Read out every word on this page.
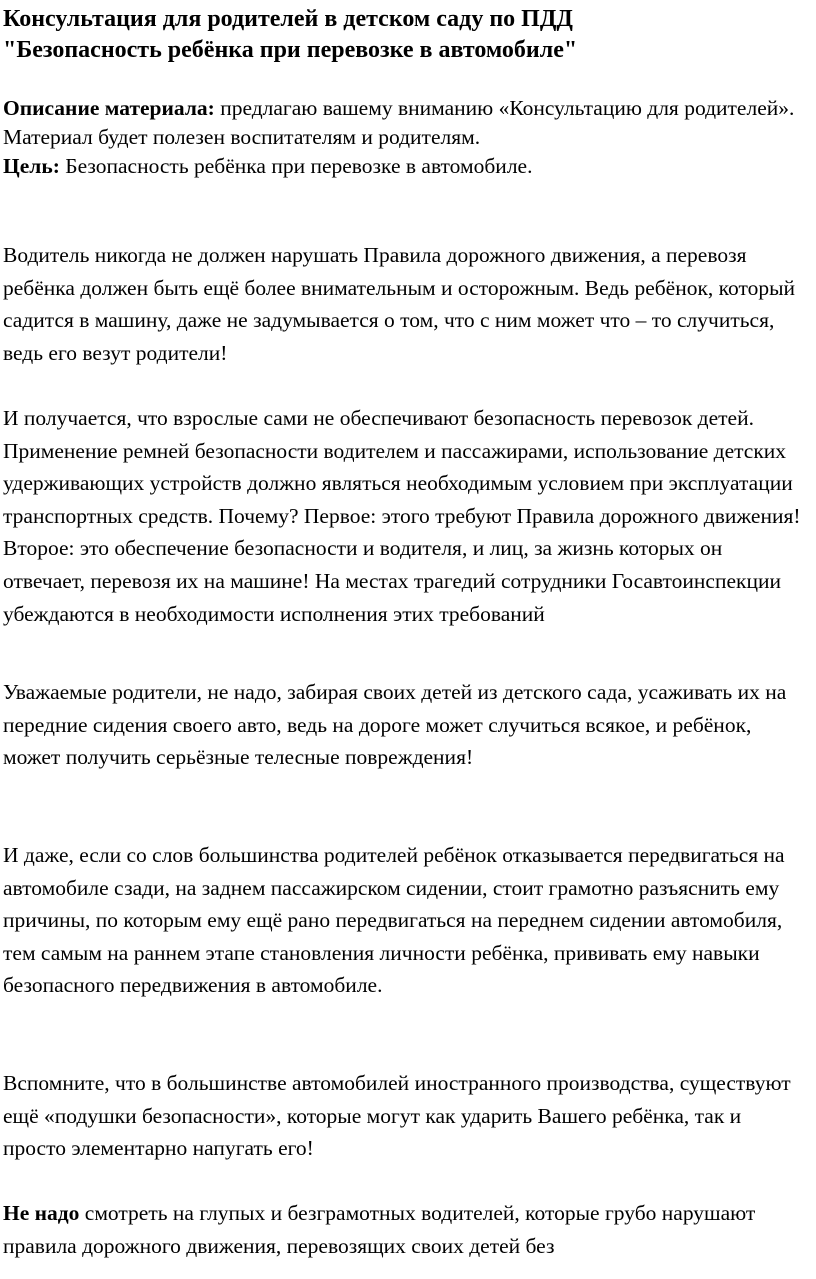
Консультация для родителей в детском саду по ПДД
"Безопасность ребёнка при перевозке в автомобиле"

Описание материала: предлагаю вашему вниманию «Консультацию для родителей». Материал будет полезен воспитателям и родителям.

Цель: Безопасность ребёнка при перевозке в автомобиле.

Водитель никогда не должен нарушать Правила дорожного движения, а перевозя ребёнка должен быть ещё более внимательным и осторожным. Ведь ребёнок, который садится в машину, даже не задумывается о том, что с ним может что – то случиться, ведь его везут родители!

И получается, что взрослые сами не обеспечивают безопасность перевозок детей. Применение ремней безопасности водителем и пассажирами, использование детских удерживающих устройств должно являться необходимым условием при эксплуатации транспортных средств. Почему? Первое: этого требуют Правила дорожного движения! Второе: это обеспечение безопасности и водителя, и лиц, за жизнь которых он отвечает, перевозя их на машине! На местах трагедий сотрудники Госавтоинспекции убеждаются в необходимости исполнения этих требований

Уважаемые родители, не надо, забирая своих детей из детского сада, усаживать их на передние сидения своего авто, ведь на дороге может случиться всякое, и ребёнок, может получить серьёзные телесные повреждения!

И даже, если со слов большинства родителей ребёнок отказывается передвигаться на автомобиле сзади, на заднем пассажирском сидении, стоит грамотно разъяснить ему причины, по которым ему ещё рано передвигаться на переднем сидении автомобиля, тем самым на раннем этапе становления личности ребёнка, прививать ему навыки безопасного передвижения в автомобиле.

Вспомните, что в большинстве автомобилей иностранного производства, существуют ещё «подушки безопасности», которые могут как ударить Вашего ребёнка, так и просто элементарно напугать его!

Не надо смотреть на глупых и безграмотных водителей, которые грубо нарушают правила дорожного движения, перевозящих своих детей без
